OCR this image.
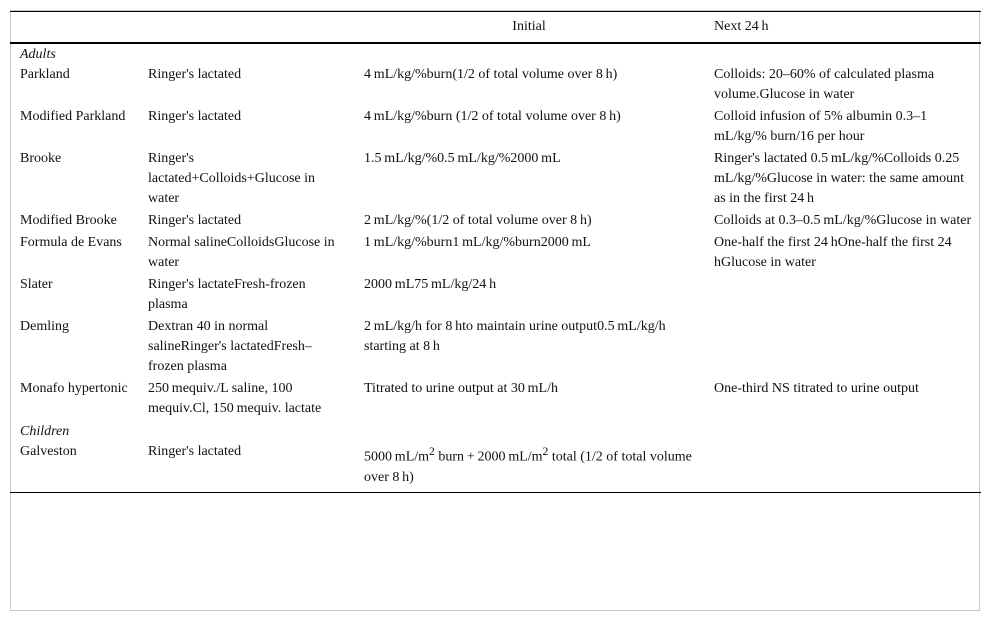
		Initial	Next 24 h
Adults			
Parkland	Ringer's lactated	4 mL/kg/%burn(1/2 of total volume over 8 h)	Colloids: 20–60% of calculated plasma volume.Glucose in water
Modified Parkland	Ringer's lactated	4 mL/kg/%burn (1/2 of total volume over 8 h)	Colloid infusion of 5% albumin 0.3–1 mL/kg/% burn/16 per hour
Brooke	Ringer's lactated+Colloids+Glucose in water	1.5 mL/kg/%0.5 mL/kg/%2000 mL	Ringer's lactated 0.5 mL/kg/%Colloids 0.25 mL/kg/%Glucose in water: the same amount as in the first 24 h
Modified Brooke	Ringer's lactated	2 mL/kg/%(1/2 of total volume over 8 h)	Colloids at 0.3–0.5 mL/kg/%Glucose in water
Formula de Evans	Normal salineColloidsGlucose in water	1 mL/kg/%burn1 mL/kg/%burn2000 mL	One-half the first 24 hOne-half the first 24 hGlucose in water
Slater	Ringer's lactateFresh-frozen plasma	2000 mL75 mL/kg/24 h	
Demling	Dextran 40 in normal salineRinger's lactatedFresh–frozen plasma	2 mL/kg/h for 8 hto maintain urine output0.5 mL/kg/h starting at 8 h	
Monafo hypertonic	250 mequiv./L saline, 100 mequiv.Cl, 150 mequiv. lactate	Titrated to urine output at 30 mL/h	One-third NS titrated to urine output
Children			
Galveston	Ringer's lactated	5000 $mL/m^2$ burn + 2000 $mL/m^2$ total (1/2 of total volume over 8 h)	
